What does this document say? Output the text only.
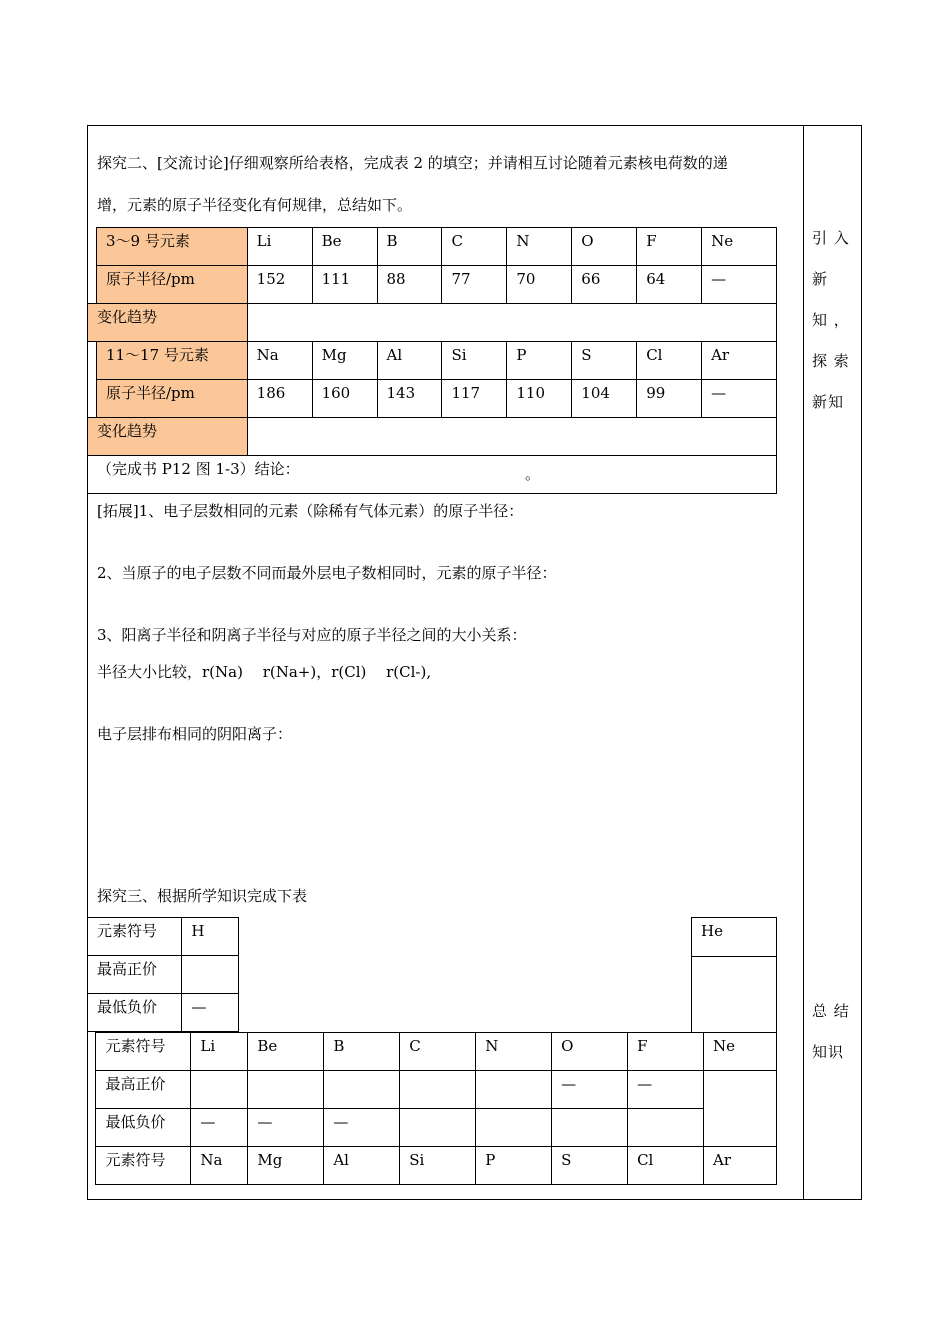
引 入
新
知 ，
探 索
新知
总 结
知识
探究二、[交流讨论]仔细观察所给表格，完成表 2 的填空；并请相互讨论随着元素核电荷数的递
增，元素的原子半径变化有何规律，总结如下。
	3～9 号元素	Li	Be	B	C	N	O	F	Ne
	原子半径/pm	152	111	88	77	70	66	64	—
变化趋势									
	11～17 号元素	Na	Mg	Al	Si	P	S	Cl	Ar
	原子半径/pm	186	160	143	117	110	104	99	—
变化趋势									
（完成书 P12 图 1-3）结论：										。
[拓展]1、电子层数相同的元素（除稀有气体元素）的原子半径：
2、当原子的电子层数不同而最外层电子数相同时，元素的原子半径：
3、阳离子半径和阴离子半径与对应的原子半径之间的大小关系：
半径大小比较，r(Na)　 r(Na+)，r(Cl)　 r(Cl-),
电子层排布相同的阴阳离子：
探究三、根据所学知识完成下表
元素符号	H
最高正价	
最低负价	—
He

	元素符号	Li	Be	B	C	N	O	F	Ne
	最高正价						—	—	
	最低负价	—	—	—					
	元素符号	Na	Mg	Al	Si	P	S	Cl	Ar
